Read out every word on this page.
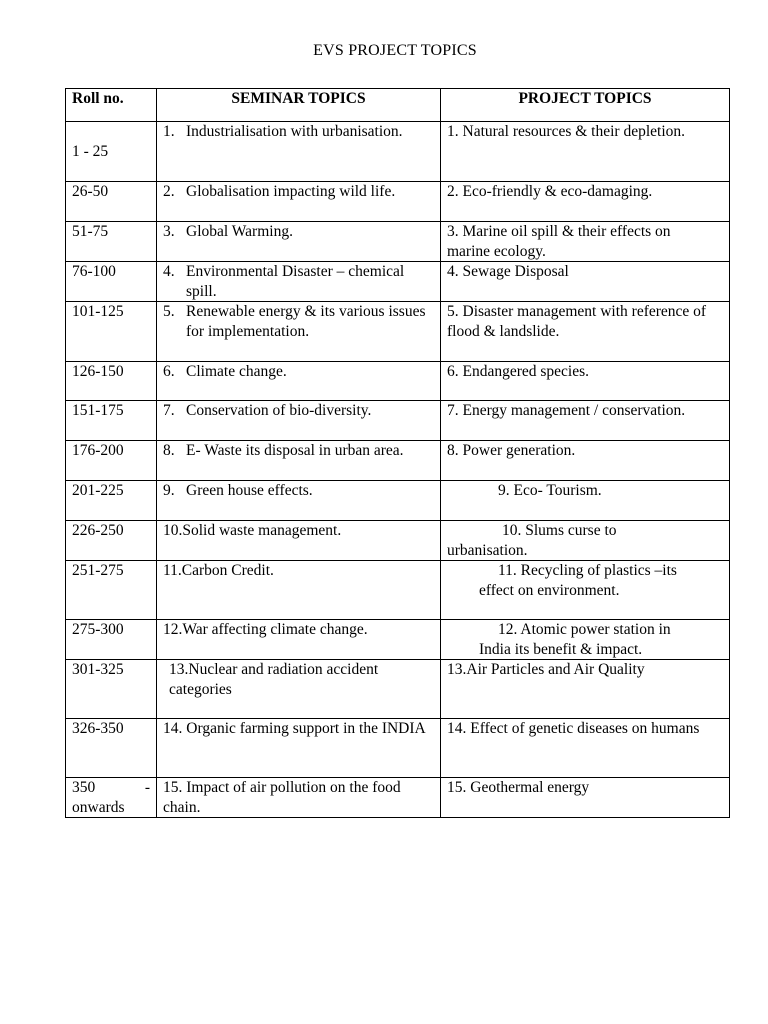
EVS PROJECT TOPICS
Roll no.	SEMINAR TOPICS	PROJECT TOPICS
1 - 25	1. Industrialisation with urbanisation.	1. Natural resources & their depletion.
26-50	2. Globalisation impacting wild life.	2. Eco-friendly & eco-damaging.
51-75	3. Global Warming.	3. Marine oil spill & their effects on       marine ecology.
76-100	4. Environmental Disaster – chemical spill.	4. Sewage Disposal
101-125	5. Renewable energy & its various issues for implementation.	5. Disaster management with reference of flood & landslide.
126-150	6. Climate change.	6. Endangered species.
151-175	7. Conservation of bio-diversity.	7. Energy management / conservation.
176-200	8. E- Waste its disposal in urban area.	8. Power generation.
201-225	9. Green house effects.	9. Eco- Tourism.
226-250	10.Solid waste management.	10. Slums curse to
urbanisation.

251-275	11.Carbon Credit.	11. Recycling of plastics –its
effect on environment.

275-300	12.War affecting climate change.	12. Atomic power station in
India its benefit & impact.

301-325	13.Nuclear and radiation accident categories	13.Air Particles and Air Quality
326-350	14. Organic farming support in the INDIA	14. Effect of genetic diseases on humans

350 -
onwards	15. Impact of air pollution on the food chain.	15. Geothermal energy
